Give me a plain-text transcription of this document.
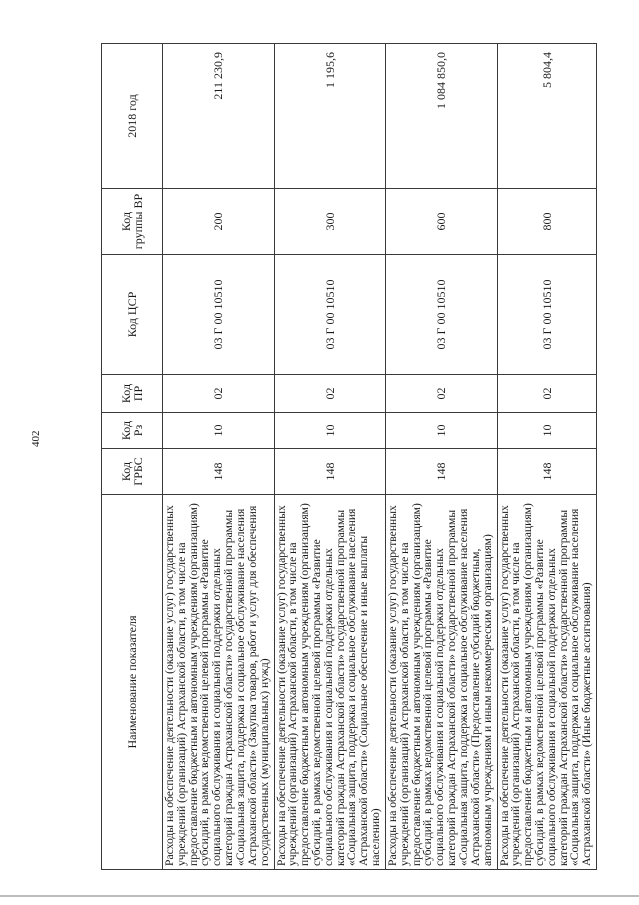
402
Наименование показателя	Код ГРБС	Код Рз	Код ПР	Код ЦСР	Код группы ВР	2018 год
Расходы на обеспечение деятельности (оказание услуг) государственных учреждений (организаций) Астраханской области, в том числе на предоставление бюджетным и автономным учреждениям (организациям) субсидий, в рамках ведомственной целевой программы «Развитие социального обслуживания и социальной поддержки отдельных категорий граждан Астраханской области» государственной программы «Социальная защита, поддержка и социальное обслуживание населения Астраханской области» (Закупка товаров, работ и услуг для обеспечения государственных (муниципальных) нужд)	148	10	02	03 Г 00 10510	200	211 230,9
Расходы на обеспечение деятельности (оказание услуг) государственных учреждений (организаций) Астраханской области, в том числе на предоставление бюджетным и автономным учреждениям (организациям) субсидий, в рамках ведомственной целевой программы «Развитие социального обслуживания и социальной поддержки отдельных категорий граждан Астраханской области» государственной программы «Социальная защита, поддержка и социальное обслуживание населения Астраханской области» (Социальное обеспечение и иные выплаты населению)	148	10	02	03 Г 00 10510	300	1 195,6
Расходы на обеспечение деятельности (оказание услуг) государственных учреждений (организаций) Астраханской области, в том числе на предоставление бюджетным и автономным учреждениям (организациям) субсидий, в рамках ведомственной целевой программы «Развитие социального обслуживания и социальной поддержки отдельных категорий граждан Астраханской области» государственной программы «Социальная защита, поддержка и социальное обслуживание населения Астраханской области» (Предоставление субсидий бюджетным, автономным учреждениям и иным некоммерческим организациям)	148	10	02	03 Г 00 10510	600	1 084 850,0
Расходы на обеспечение деятельности (оказание услуг) государственных учреждений (организаций) Астраханской области, в том числе на предоставление бюджетным и автономным учреждениям (организациям) субсидий, в рамках ведомственной целевой программы «Развитие социального обслуживания и социальной поддержки отдельных категорий граждан Астраханской области» государственной программы «Социальная защита, поддержка и социальное обслуживание населения Астраханской области» (Иные бюджетные ассигнования)	148	10	02	03 Г 00 10510	800	5 804,4
